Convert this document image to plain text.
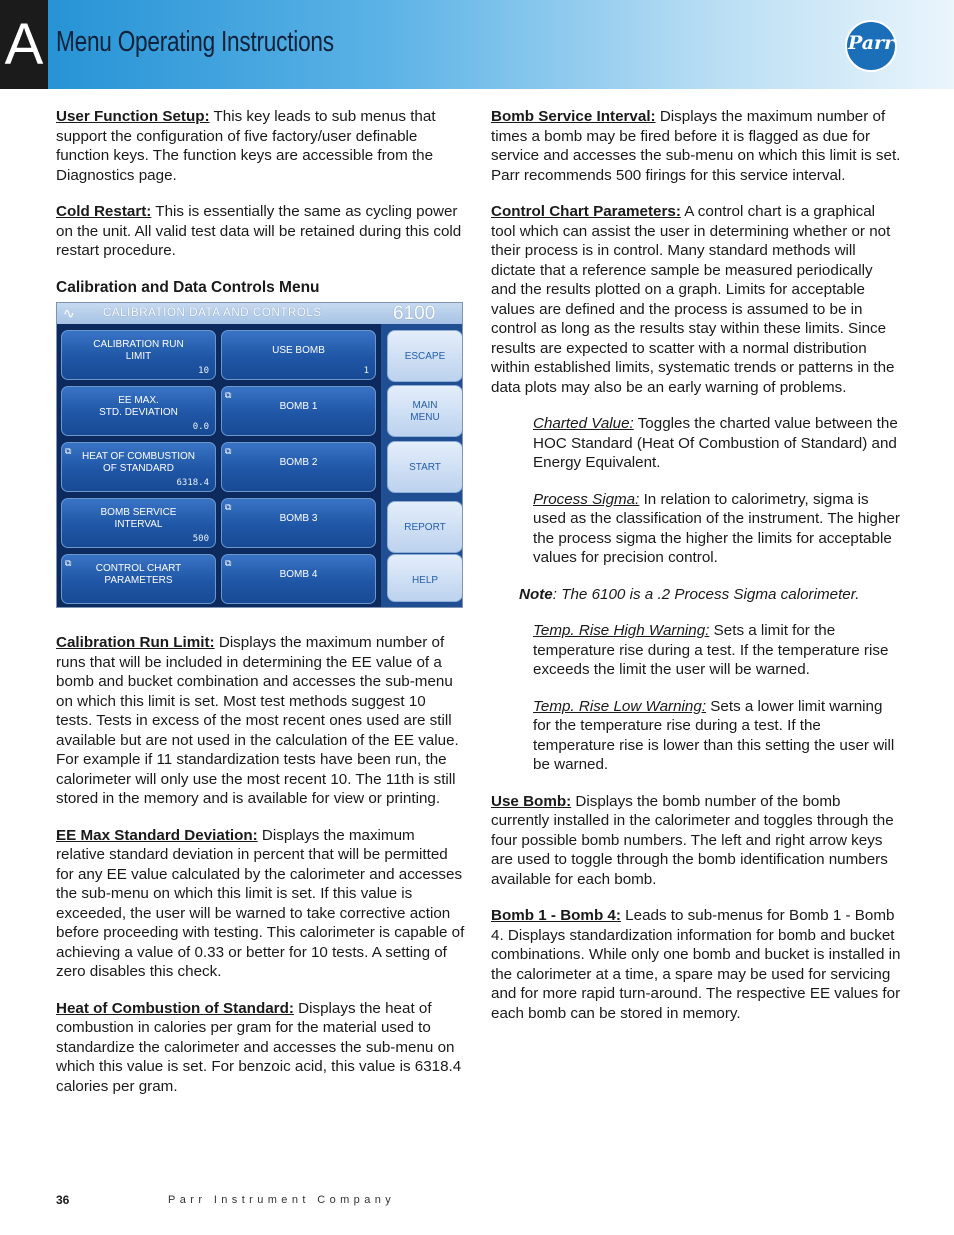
A Menu Operating Instructions	Parr

User Function Setup: This key leads to sub menus that support the configuration of five factory/user definable function keys. The function keys are accessible from the Diagnostics page.

Cold Restart: This is essentially the same as cycling power on the unit. All valid test data will be retained during this cold restart procedure.

Calibration and Data Controls Menu

Calibration Run Limit: Displays the maximum number of runs that will be included in determining the EE value of a bomb and bucket combination and accesses the sub-menu on which this limit is set. Most test methods suggest 10 tests. Tests in excess of the most recent ones used are still available but are not used in the calculation of the EE value. For example if 11 standardization tests have been run, the calorimeter will only use the most recent 10. The 11th is still stored in the memory and is available for view or printing.

EE Max Standard Deviation: Displays the maximum relative standard deviation in percent that will be permitted for any EE value calculated by the calorimeter and accesses the sub-menu on which this limit is set. If this value is exceeded, the user will be warned to take corrective action before proceeding with testing. This calorimeter is capable of achieving a value of 0.33 or better for 10 tests. A setting of zero disables this check.

Heat of Combustion of Standard: Displays the heat of combustion in calories per gram for the material used to standardize the calorimeter and accesses the sub-menu on which this value is set. For benzoic acid, this value is 6318.4 calories per gram.

∿ CALIBRATION DATA AND CONTROLS	6100
CALIBRATION RUN
LIMIT
10
USE BOMB
1
EE MAX.
STD. DEVIATION
0.0
BOMB 1
⧉
HEAT OF COMBUSTION
OF STANDARD
6318.4
⧉
BOMB 2
⧉
BOMB SERVICE
INTERVAL
500
BOMB 3
⧉
CONTROL CHART
PARAMETERS
⧉
BOMB 4
⧉
ESCAPE
MAIN
MENU
START
REPORT
HELP

Bomb Service Interval: Displays the maximum number of times a bomb may be fired before it is flagged as due for service and accesses the sub-menu on which this limit is set. Parr recommends 500 firings for this service interval.

Control Chart Parameters: A control chart is a graphical tool which can assist the user in determining whether or not their process is in control. Many standard methods will dictate that a reference sample be measured periodically and the results plotted on a graph. Limits for acceptable values are defined and the process is assumed to be in control as long as the results stay within these limits. Since results are expected to scatter with a normal distribution within established limits, systematic trends or patterns in the data plots may also be an early warning of problems.

Charted Value: Toggles the charted value between the HOC Standard (Heat Of Combustion of Standard) and Energy Equivalent.

Process Sigma: In relation to calorimetry, sigma is used as the classification of the instrument. The higher the process sigma the higher the limits for acceptable values for precision control.

Note: The 6100 is a .2 Process Sigma calorimeter.

Temp. Rise High Warning: Sets a limit for the temperature rise during a test. If the temperature rise exceeds the limit the user will be warned.

Temp. Rise Low Warning: Sets a lower limit warning for the temperature rise during a test. If the temperature rise is lower than this setting the user will be warned.

Use Bomb: Displays the bomb number of the bomb currently installed in the calorimeter and toggles through the four possible bomb numbers. The left and right arrow keys are used to toggle through the bomb identification numbers available for each bomb.

Bomb 1 - Bomb 4: Leads to sub-menus for Bomb 1 - Bomb 4. Displays standardization information for bomb and bucket combinations. While only one bomb and bucket is installed in the calorimeter at a time, a spare may be used for servicing and for more rapid turn-around. The respective EE values for each bomb can be stored in memory.

36	Parr Instrument Company
